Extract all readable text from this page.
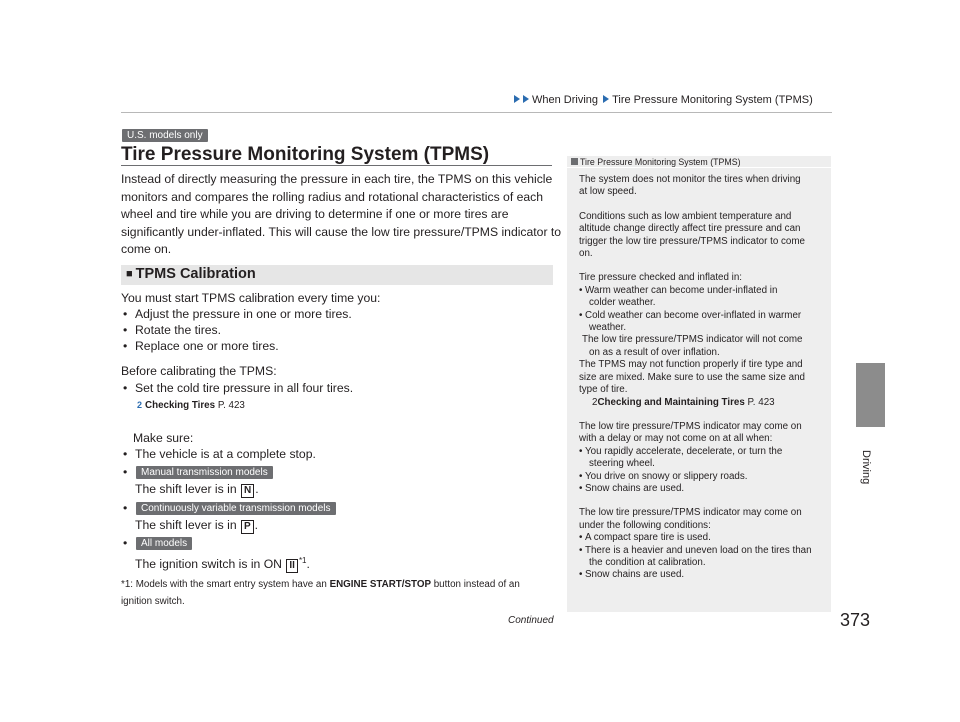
When Driving Tire Pressure Monitoring System (TPMS)
373
Driving
U.S. models only
Tire Pressure Monitoring System (TPMS)
Instead of directly measuring the pressure in each tire, the TPMS on this vehicle
monitors and compares the rolling radius and rotational characteristics of each
wheel and tire while you are driving to determine if one or more tires are
significantly under-inflated. This will cause the low tire pressure/TPMS indicator to
come on.
■ TPMS Calibration
You must start TPMS calibration every time you:
• Adjust the pressure in one or more tires.
• Rotate the tires.
• Replace one or more tires.
Before calibrating the TPMS:
• Set the cold tire pressure in all four tires.
2 Checking Tires P. 423
Make sure:
• The vehicle is at a complete stop.
•	Manual transmission models
The shift lever is in N .
•	Continuously variable transmission models
The shift lever is in P .
•	All models
The ignition switch is in ON II $^{*1}$.
*1: Models with the smart entry system have an ENGINE START/STOP button instead of an
ignition switch.
Continued
Tire Pressure Monitoring System (TPMS)
The system does not monitor the tires when driving
at low speed.
Conditions such as low ambient temperature and
altitude change directly affect tire pressure and can
trigger the low tire pressure/TPMS indicator to come
on.
Tire pressure checked and inflated in:
• Warm weather can become under-inflated in
colder weather.
• Cold weather can become over-inflated in warmer
weather.
The low tire pressure/TPMS indicator will not come
on as a result of over inflation.
The TPMS may not function properly if tire type and
size are mixed. Make sure to use the same size and
type of tire.
2Checking and Maintaining Tires P. 423
The low tire pressure/TPMS indicator may come on
with a delay or may not come on at all when:
• You rapidly accelerate, decelerate, or turn the
steering wheel.
• You drive on snowy or slippery roads.
• Snow chains are used.
The low tire pressure/TPMS indicator may come on
under the following conditions:
• A compact spare tire is used.
• There is a heavier and uneven load on the tires than
the condition at calibration.
• Snow chains are used.
